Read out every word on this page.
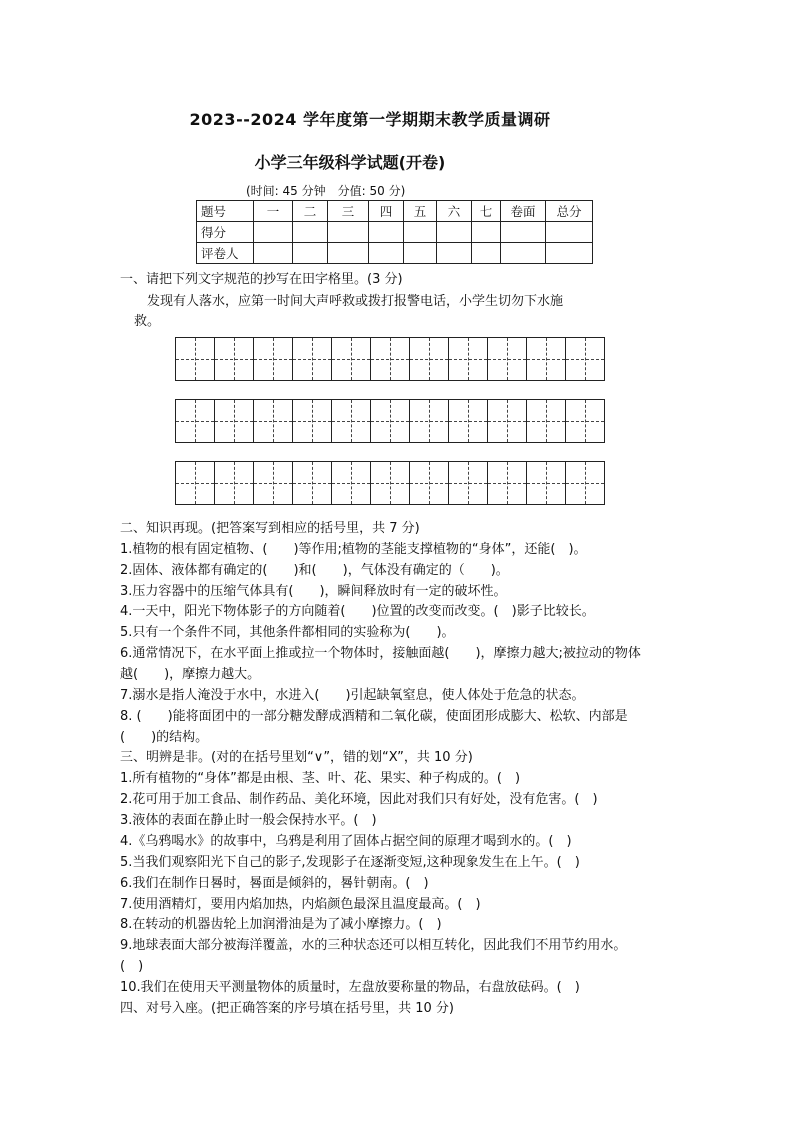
2023--2024 学年度第一学期期末教学质量调研
小学三年级科学试题(开卷)
(时间: 45 分钟　分值: 50 分)
题号	一	二	三	四	五	六	七	卷面	总分
得分									
评卷人									
一、请把下列文字规范的抄写在田字格里。(3 分)
发现有人落水，应第一时间大声呼救或拨打报警电话，小学生切勿下水施
救。
二、知识再现。(把答案写到相应的括号里，共 7 分)
1.植物的根有固定植物、(　　)等作用;植物的茎能支撑植物的“身体”，还能(　)。
2.固体、液体都有确定的(　　)和(　　)，气体没有确定的（　　)。
3.压力容器中的压缩气体具有(　　)，瞬间释放时有一定的破坏性。
4.一天中，阳光下物体影子的方向随着(　　)位置的改变而改变。(　)影子比较长。
5.只有一个条件不同，其他条件都相同的实验称为(　　)。
6.通常情况下，在水平面上推或拉一个物体时，接触面越(　　)，摩擦力越大;被拉动的物体
越(　　)，摩擦力越大。
7.溺水是指人淹没于水中，水进入(　　)引起缺氧窒息，使人体处于危急的状态。
8. (　　)能将面团中的一部分糖发酵成酒精和二氧化碳，使面团形成膨大、松软、内部是
(　　)的结构。
三、明辨是非。(对的在括号里划“∨”，错的划“X”，共 10 分)
1.所有植物的“身体”都是由根、茎、叶、花、果实、种子构成的。(　)
2.花可用于加工食品、制作药品、美化环境，因此对我们只有好处，没有危害。(　)
3.液体的表面在静止时一般会保持水平。(　)
4.《乌鸦喝水》的故事中，乌鸦是利用了固体占据空间的原理才喝到水的。(　)
5.当我们观察阳光下自己的影子,发现影子在逐渐变短,这种现象发生在上午。(　)
6.我们在制作日晷时，晷面是倾斜的，晷针朝南。(　)
7.使用酒精灯，要用内焰加热，内焰颜色最深且温度最高。(　)
8.在转动的机器齿轮上加润滑油是为了减小摩擦力。(　)
9.地球表面大部分被海洋覆盖，水的三种状态还可以相互转化，因此我们不用节约用水。
(　)
10.我们在使用天平测量物体的质量时，左盘放要称量的物品，右盘放砝码。(　)
四、对号入座。(把正确答案的序号填在括号里，共 10 分)
